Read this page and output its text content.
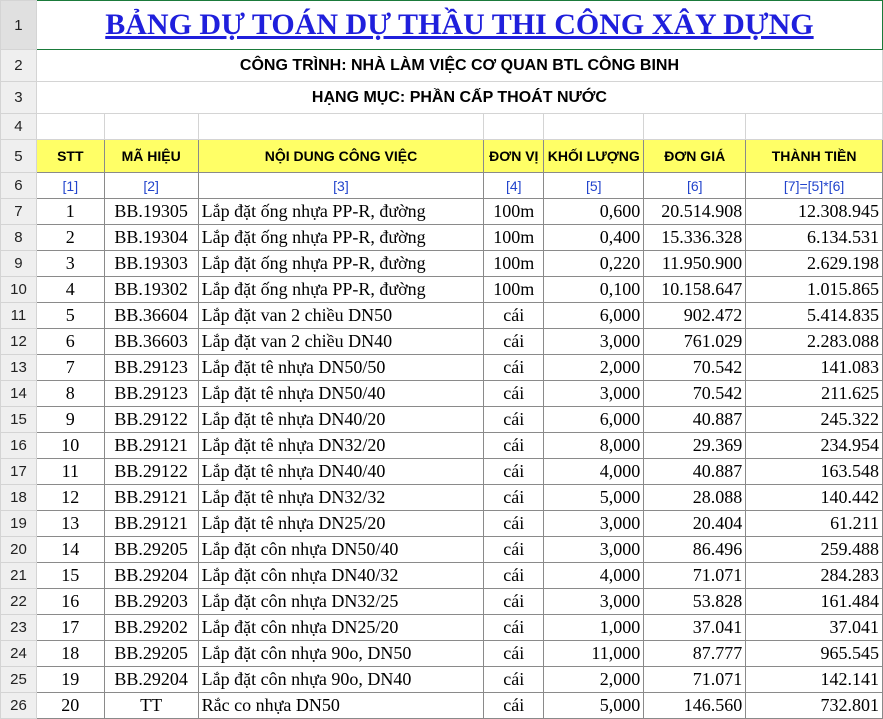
1	BẢNG DỰ TOÁN DỰ THẦU THI CÔNG XÂY DỰNG						
2	CÔNG TRÌNH: NHÀ LÀM VIỆC CƠ QUAN BTL CÔNG BINH						
3	HẠNG MỤC: PHẦN CẤP THOÁT NƯỚC						
4							
5	STT	MÃ HIỆU	NỘI DUNG CÔNG VIỆC	ĐƠN VỊ	KHỐI LƯỢNG	ĐƠN GIÁ	THÀNH TIỀN
6	[1]	[2]	[3]	[4]	[5]	[6]	[7]=[5]*[6]
7	1	BB.19305	Lắp đặt ống nhựa PP-R, đường	100m	0,600	20.514.908	12.308.945
8	2	BB.19304	Lắp đặt ống nhựa PP-R, đường	100m	0,400	15.336.328	6.134.531
9	3	BB.19303	Lắp đặt ống nhựa PP-R, đường	100m	0,220	11.950.900	2.629.198
10	4	BB.19302	Lắp đặt ống nhựa PP-R, đường	100m	0,100	10.158.647	1.015.865
11	5	BB.36604	Lắp đặt van 2 chiều DN50	cái	6,000	902.472	5.414.835
12	6	BB.36603	Lắp đặt van 2 chiều DN40	cái	3,000	761.029	2.283.088
13	7	BB.29123	Lắp đặt tê nhựa DN50/50	cái	2,000	70.542	141.083
14	8	BB.29123	Lắp đặt tê nhựa DN50/40	cái	3,000	70.542	211.625
15	9	BB.29122	Lắp đặt tê nhựa DN40/20	cái	6,000	40.887	245.322
16	10	BB.29121	Lắp đặt tê nhựa DN32/20	cái	8,000	29.369	234.954
17	11	BB.29122	Lắp đặt tê nhựa DN40/40	cái	4,000	40.887	163.548
18	12	BB.29121	Lắp đặt tê nhựa DN32/32	cái	5,000	28.088	140.442
19	13	BB.29121	Lắp đặt tê nhựa DN25/20	cái	3,000	20.404	61.211
20	14	BB.29205	Lắp đặt côn nhựa DN50/40	cái	3,000	86.496	259.488
21	15	BB.29204	Lắp đặt côn nhựa DN40/32	cái	4,000	71.071	284.283
22	16	BB.29203	Lắp đặt côn nhựa DN32/25	cái	3,000	53.828	161.484
23	17	BB.29202	Lắp đặt côn nhựa DN25/20	cái	1,000	37.041	37.041
24	18	BB.29205	Lắp đặt côn nhựa 90o, DN50	cái	11,000	87.777	965.545
25	19	BB.29204	Lắp đặt côn nhựa 90o, DN40	cái	2,000	71.071	142.141
26	20	TT	Rắc co nhựa DN50	cái	5,000	146.560	732.801
